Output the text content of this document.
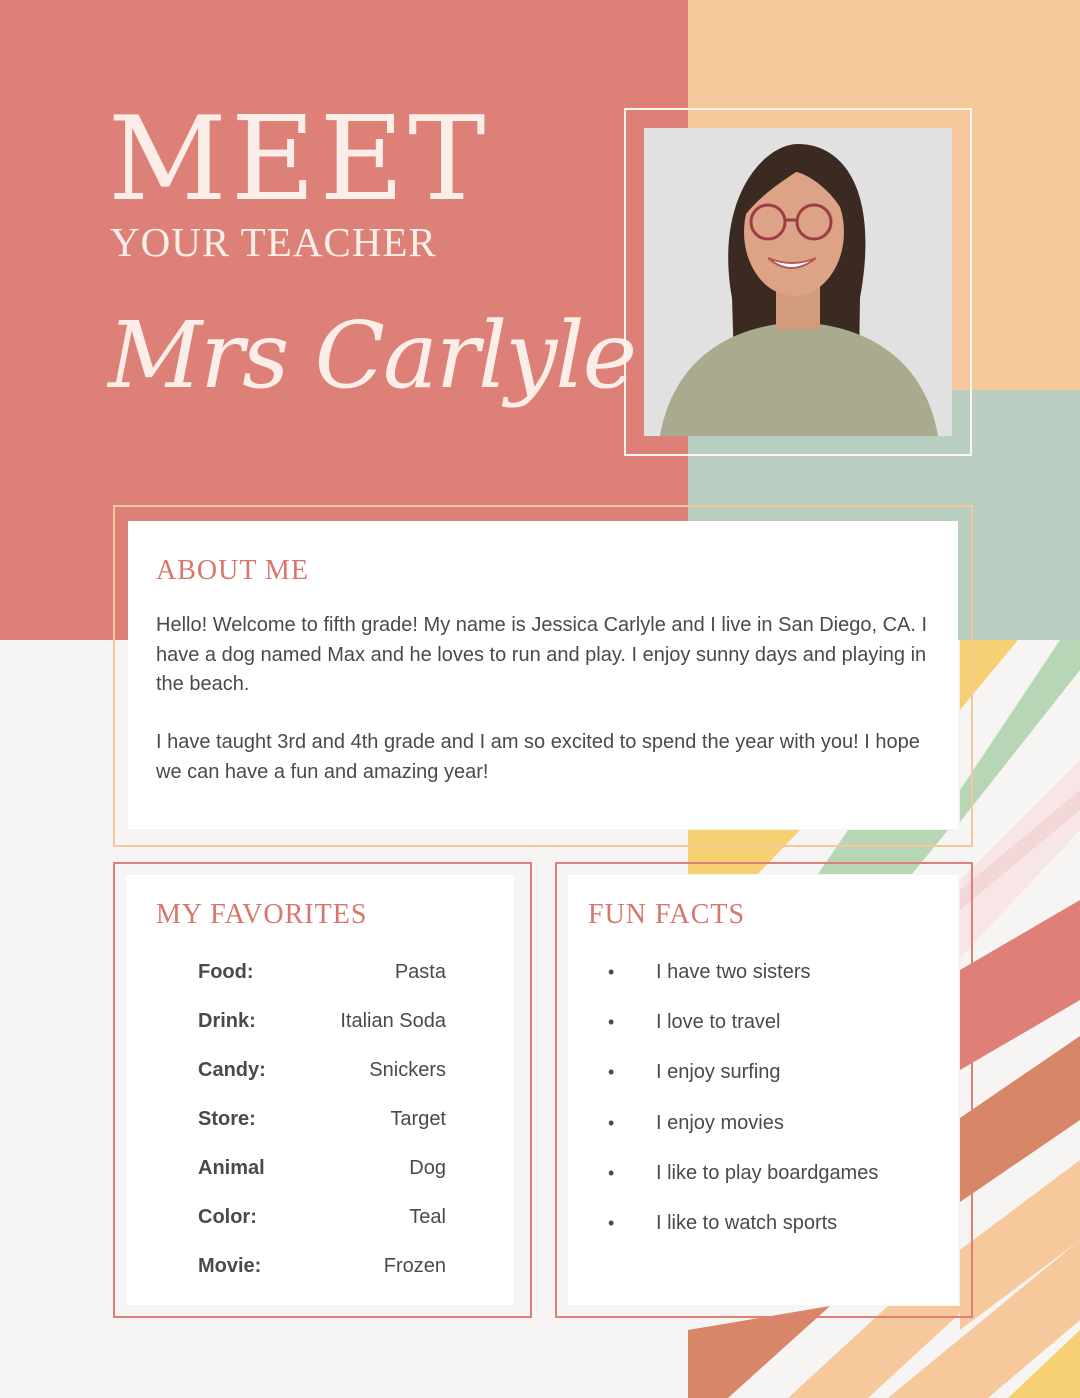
MEET
YOUR TEACHER
Mrs Carlyle
ABOUT ME

Hello! Welcome to fifth grade! My name is Jessica Carlyle and I live in San Diego, CA. I have a dog named Max and he loves to run and play. I enjoy sunny days and playing in the beach.

I have taught 3rd and 4th grade and I am so excited to spend the year with you! I hope we can have a fun and amazing year!

MY FAVORITES
Food:	Pasta
Drink:	Italian Soda
Candy:	Snickers
Store:	Target
Animal	Dog
Color:	Teal
Movie:	Frozen
FUN FACTS
•	I have two sisters
•	I love to travel
•	I enjoy surfing
•	I enjoy movies
•	I like to play boardgames
•	I like to watch sports
